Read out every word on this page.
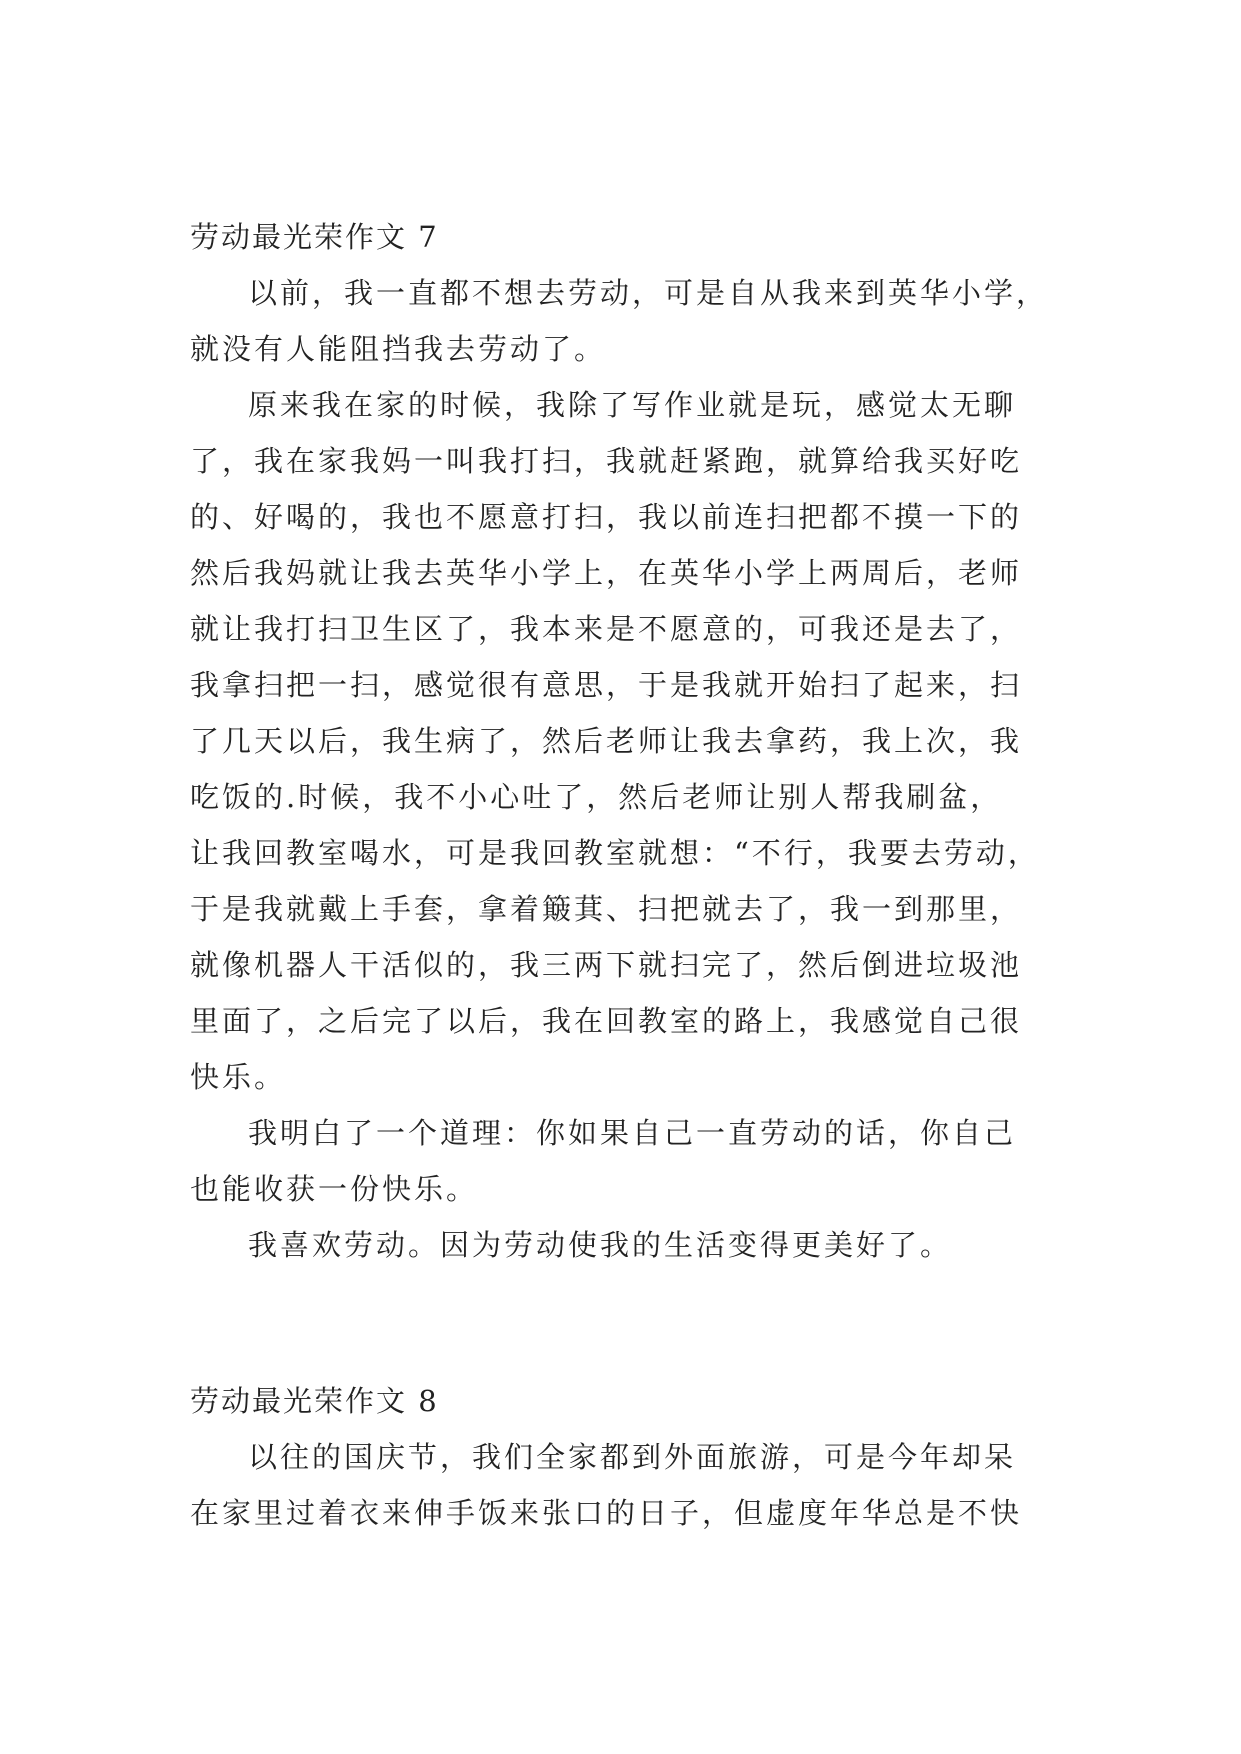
劳动最光荣作文 7

以前，我一直都不想去劳动，可是自从我来到英华小学，
就没有人能阻挡我去劳动了。

原来我在家的时候，我除了写作业就是玩，感觉太无聊
了，我在家我妈一叫我打扫，我就赶紧跑，就算给我买好吃
的、好喝的，我也不愿意打扫，我以前连扫把都不摸一下的
然后我妈就让我去英华小学上，在英华小学上两周后，老师
就让我打扫卫生区了，我本来是不愿意的，可我还是去了，
我拿扫把一扫，感觉很有意思，于是我就开始扫了起来，扫
了几天以后，我生病了，然后老师让我去拿药，我上次，我
吃饭的.时候，我不小心吐了，然后老师让别人帮我刷盆，
让我回教室喝水，可是我回教室就想：“不行，我要去劳动，
于是我就戴上手套，拿着簸萁、扫把就去了，我一到那里，
就像机器人干活似的，我三两下就扫完了，然后倒进垃圾池
里面了，之后完了以后，我在回教室的路上，我感觉自己很
快乐。

我明白了一个道理：你如果自己一直劳动的话，你自己
也能收获一份快乐。

我喜欢劳动。因为劳动使我的生活变得更美好了。

劳动最光荣作文 8

以往的国庆节，我们全家都到外面旅游，可是今年却呆
在家里过着衣来伸手饭来张口的日子，但虚度年华总是不快
